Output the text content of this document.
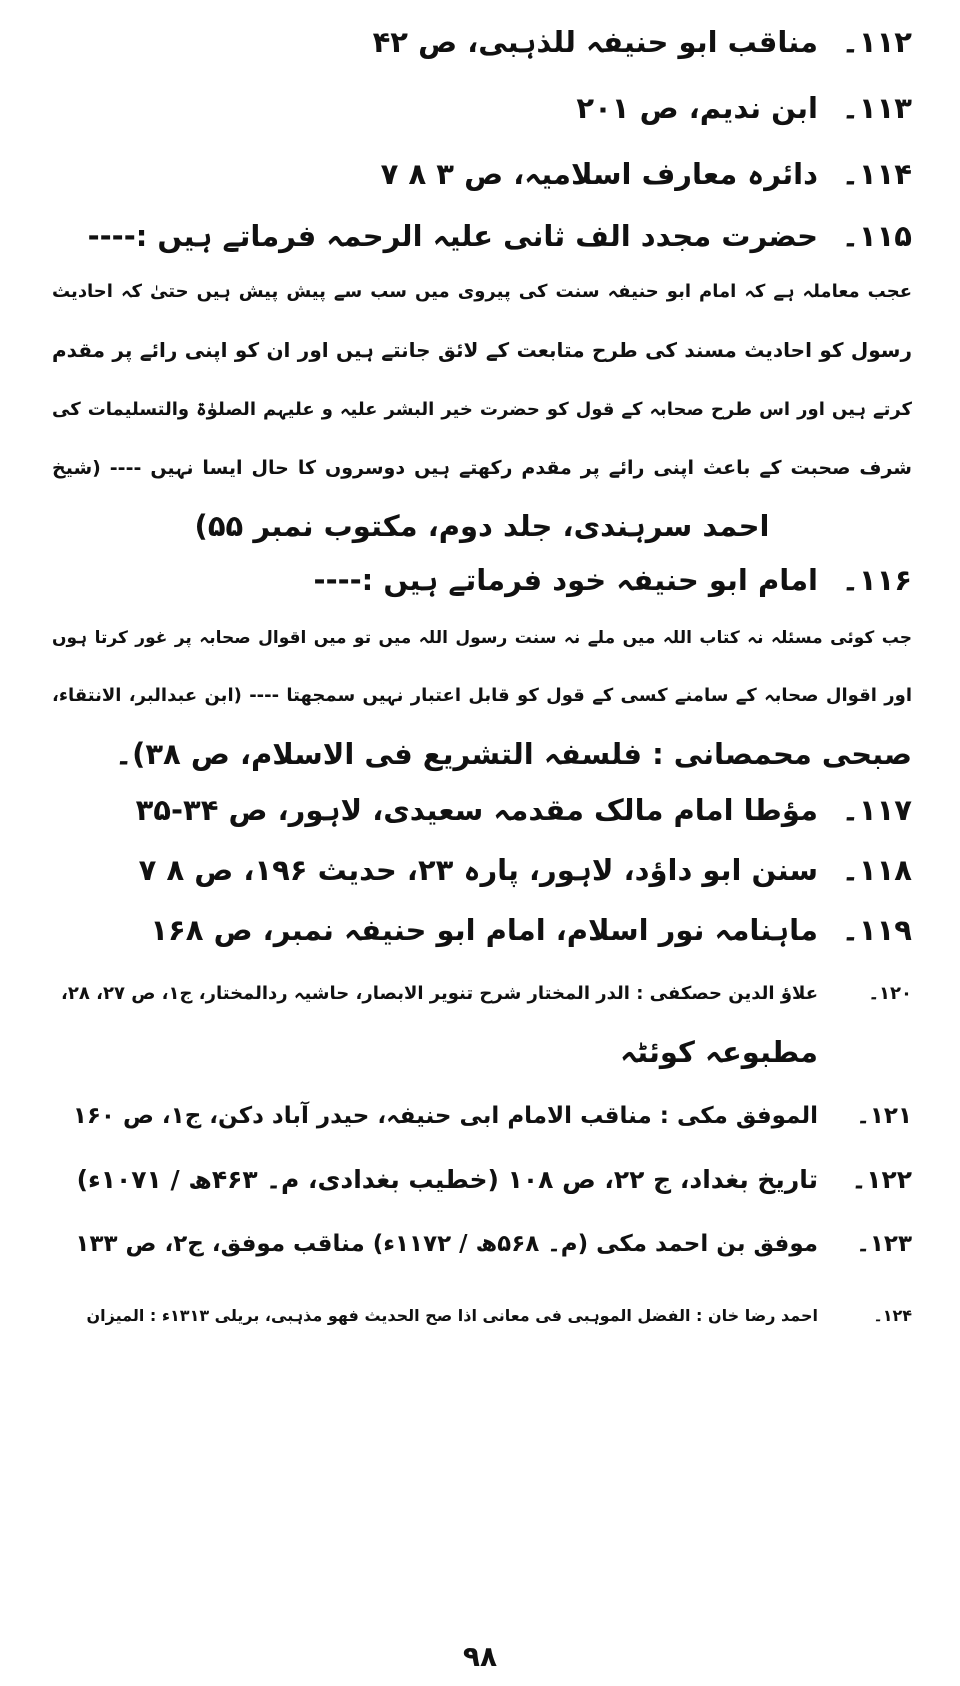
۱۱۲۔مناقب ابو حنیفہ للذہبی، ص ۴۲
۱۱۳۔ابن ندیم، ص ۲۰۱
۱۱۴۔دائرہ معارف اسلامیہ، ص ۳ ۸ ۷
۱۱۵۔حضرت مجدد الف ثانی علیہ الرحمہ فرماتے ہیں :----
عجب معاملہ ہے کہ امام ابو حنیفہ سنت کی پیروی میں سب سے پیش پیش ہیں حتیٰ کہ احادیث
رسول کو احادیث مسند کی طرح متابعت کے لائق جانتے ہیں اور ان کو اپنی رائے پر مقدم
کرتے ہیں اور اس طرح صحابہ کے قول کو حضرت خیر البشر علیہ و علیہم الصلوٰۃ والتسلیمات کی
شرف صحبت کے باعث اپنی رائے پر مقدم رکھتے ہیں دوسروں کا حال ایسا نہیں ---- (شیخ
احمد سرہندی، جلد دوم، مکتوب نمبر ۵۵)
۱۱۶۔امام ابو حنیفہ خود فرماتے ہیں :----
جب کوئی مسئلہ نہ کتاب اللہ میں ملے نہ سنت رسول اللہ میں تو میں اقوال صحابہ پر غور کرتا ہوں
اور اقوال صحابہ کے سامنے کسی کے قول کو قابل اعتبار نہیں سمجھتا ---- (ابن عبدالبر، الانتقاء،
صبحی محمصانی : فلسفہ التشریع فی الاسلام، ص ۳۸)۔
۱۱۷۔مؤطا امام مالک مقدمہ سعیدی، لاہور، ص ۳۴-۳۵
۱۱۸۔سنن ابو داؤد، لاہور، پارہ ۲۳، حدیث ۱۹۶، ص ۸ ۷
۱۱۹۔ماہنامہ نور اسلام، امام ابو حنیفہ نمبر، ص ۱۶۸
۱۲۰۔علاؤ الدین حصکفی : الدر المختار شرح تنویر الابصار، حاشیہ ردالمختار، ج۱، ص ۲۷، ۲۸،
مطبوعہ کوئٹہ
۱۲۱۔الموفق مکی : مناقب الامام ابی حنیفہ، حیدر آباد دکن، ج۱، ص ۱۶۰
۱۲۲۔تاریخ بغداد، ج ۲۲، ص ۱۰۸ (خطیب بغدادی، م۔ ۴۶۳ھ / ۱۰۷۱ء)
۱۲۳۔موفق بن احمد مکی (م۔ ۵۶۸ھ / ۱۱۷۲ء) مناقب موفق، ج۲، ص ۱۳۳
۱۲۴۔احمد رضا خان : الفضل الموہبی فی معانی اذا صح الحدیث فھو مذہبی، بریلی ۱۳۱۳ء : المیزان
۹۸
